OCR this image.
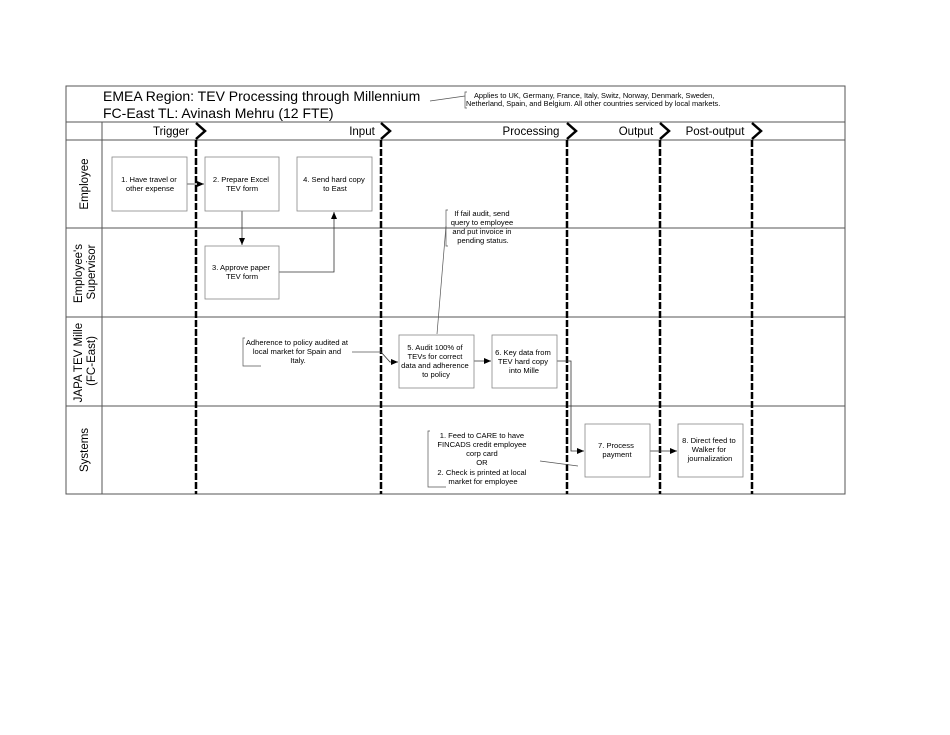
EMEA Region: TEV Processing through Millennium
FC-East TL: Avinash Mehru (12 FTE)
Applies to UK, Germany, France, Italy, Switz, Norway, Denmark, Sweden,
Netherland, Spain, and Belgium. All other countries serviced by local markets.
Trigger	Input	Processing	Output	Post-output
Employee
Employee's Supervisor
JAPA TEV Mille (FC-East)
Systems
1. Have travel or other expense
2. Prepare Excel TEV form
4. Send hard copy to East
3. Approve paper TEV form
5. Audit 100% of TEVs for correct data and adherence to policy
6. Key data from TEV hard copy into Mille
7. Process payment
8. Direct feed to Walker for journalization
If fail audit, send query to employee and put invoice in pending status.
Adherence to policy audited at local market for Spain and Italy.
1. Feed to CARE to have FINCADS credit employee corp card OR 2. Check is printed at local market for employee
